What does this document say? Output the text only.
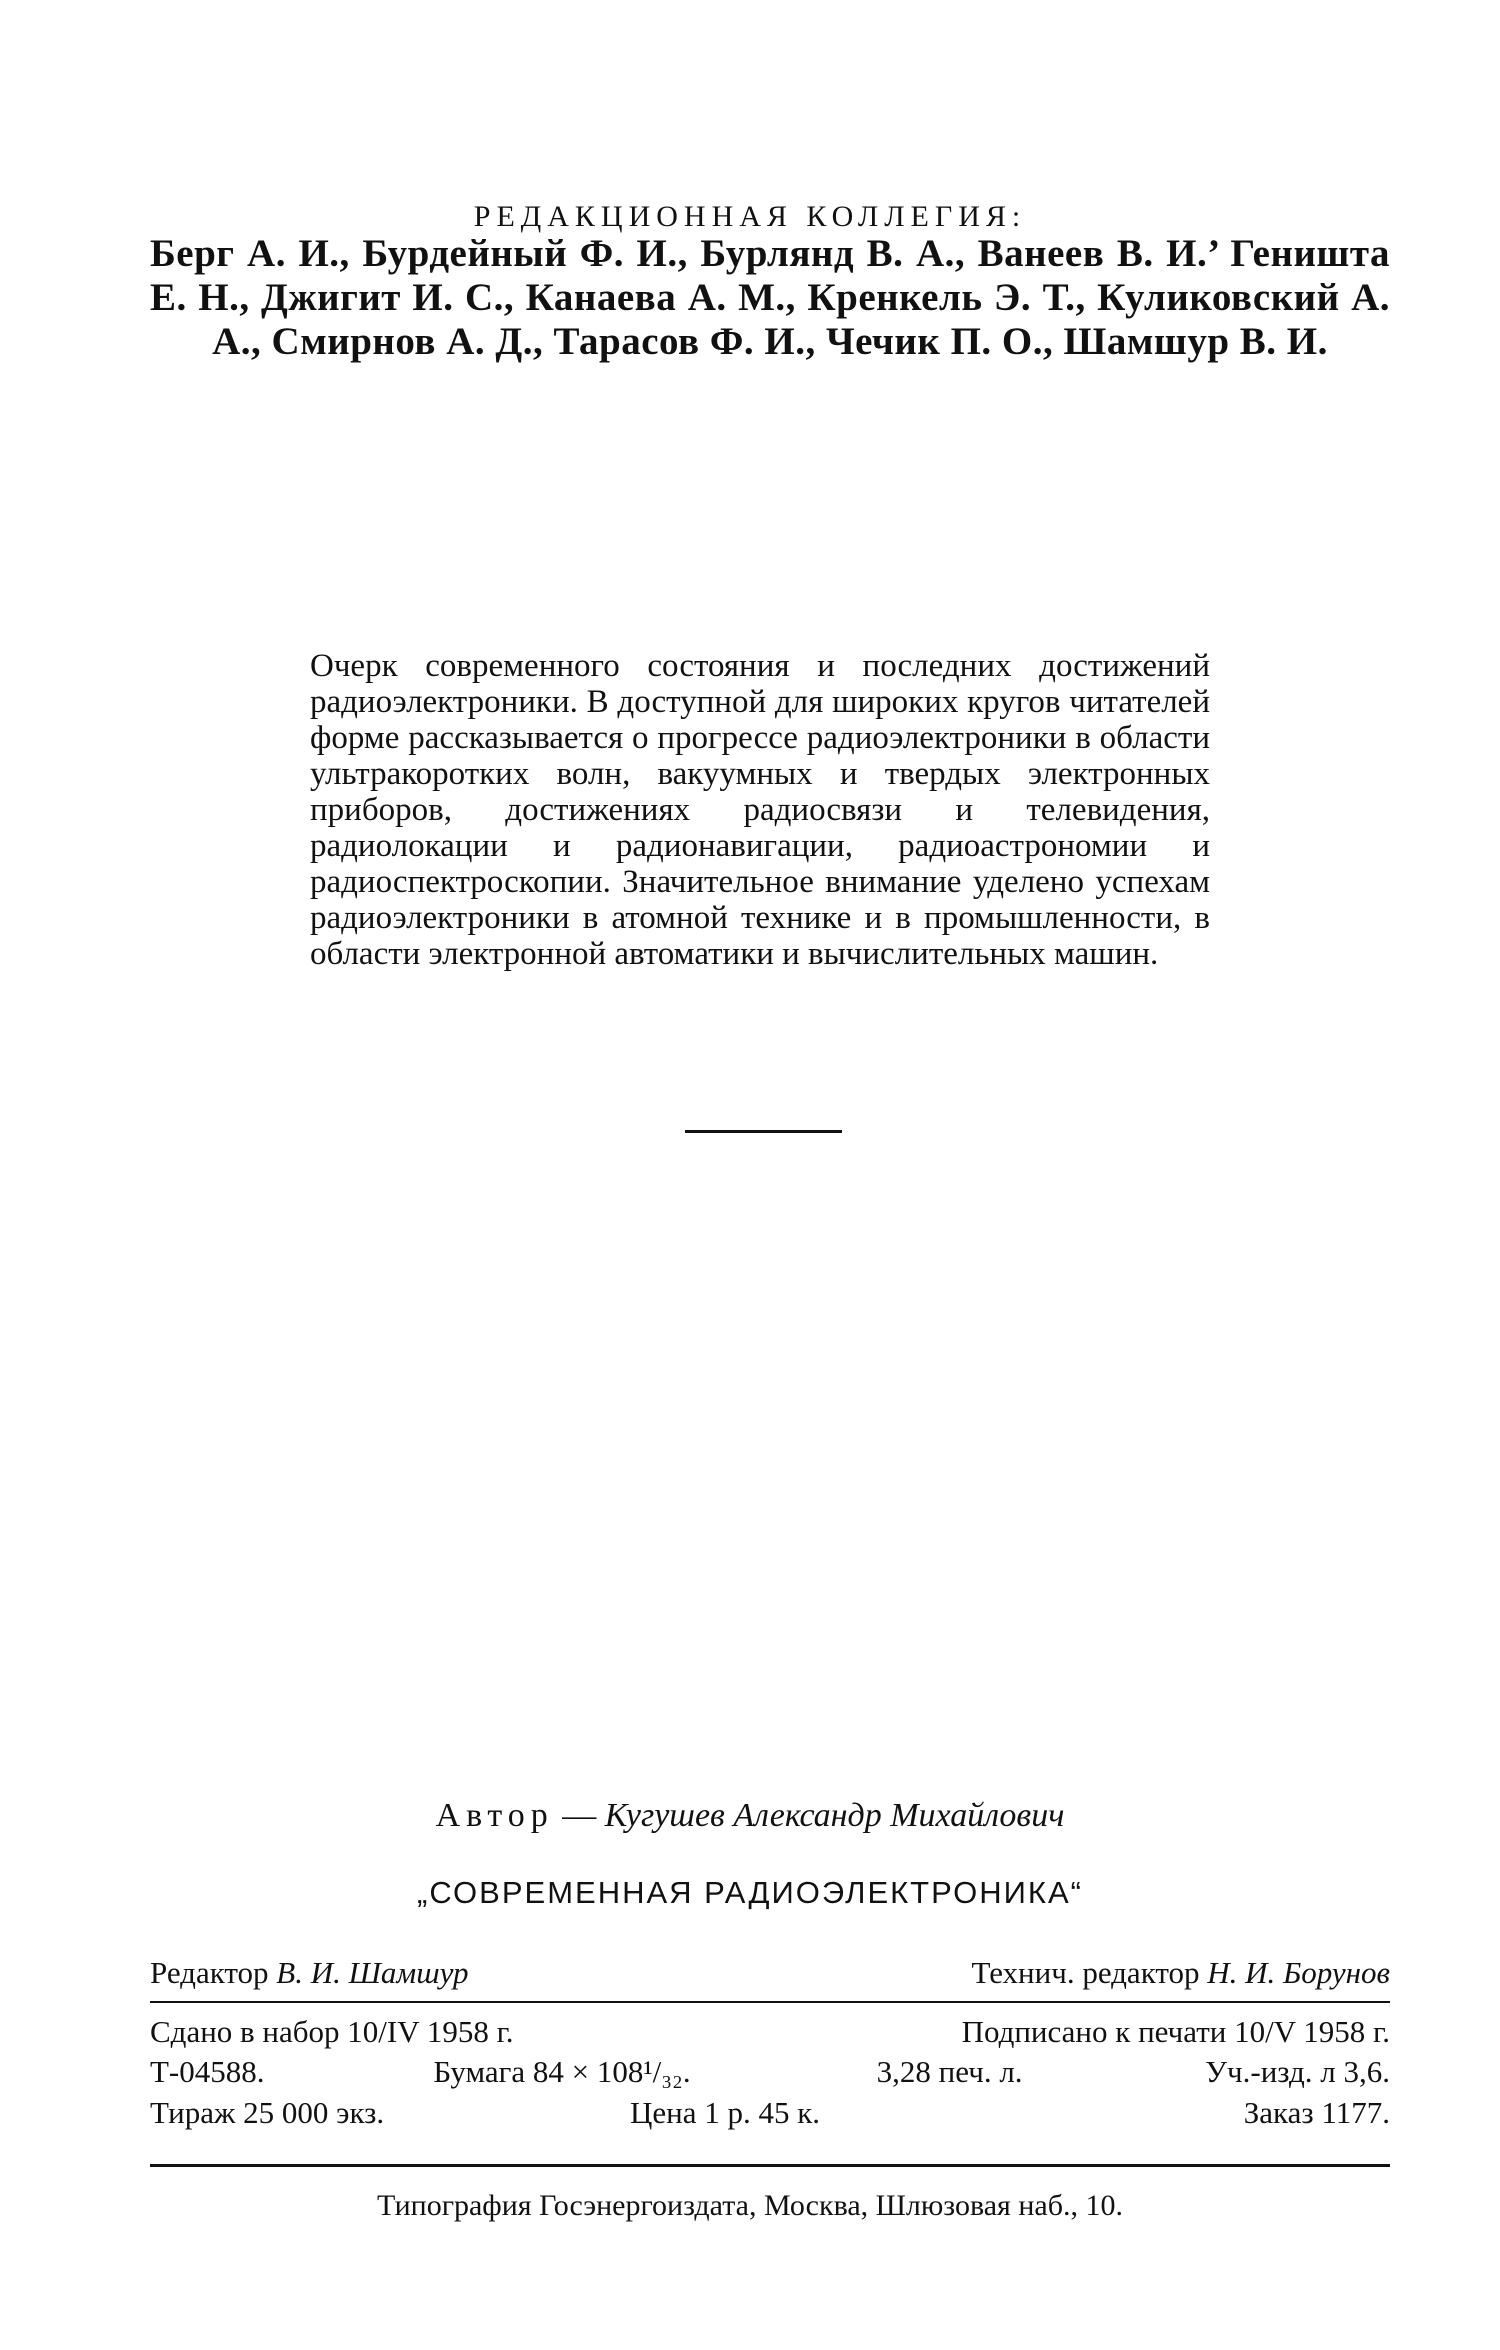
РЕДАКЦИОННАЯ КОЛЛЕГИЯ:
Берг А. И., Бурдейный Ф. И., Бурлянд В. А., Ванеев В. И.’ Геништа Е. Н., Джигит И. С., Канаева А. М., Кренкель Э. Т., Куликовский А. А., Смирнов А. Д., Тарасов Ф. И., Чечик П. О., Шамшур В. И.
Очерк современного состояния и последних достижений радиоэлектроники. В доступной для широких кругов читателей форме рассказывается о прогрессе радиоэлектроники в области ультракоротких волн, вакуумных и твердых электронных приборов, достижениях радиосвязи и телевидения, радиолокации и радионавигации, радиоастрономии и радиоспектроскопии. Значительное внимание уделено успехам радиоэлектроники в атомной технике и в промышленности, в области электронной автоматики и вычислительных машин.
Автор — Кугушев Александр Михайлович
„СОВРЕМЕННАЯ РАДИОЭЛЕКТРОНИКА“
Редактор В. И. Шамшур	Технич. редактор Н. И. Борунов
Сдано в набор 10/IV 1958 г.	Подписано к печати 10/V 1958 г.
Т-04588.	Бумага 84 × 108¹/₃₂.	3,28 печ. л.	Уч.-изд. л 3,6.
Тираж 25 000 экз.	Цена 1 р. 45 к.	Заказ 1177.
Типография Госэнергоиздата, Москва, Шлюзовая наб., 10.
